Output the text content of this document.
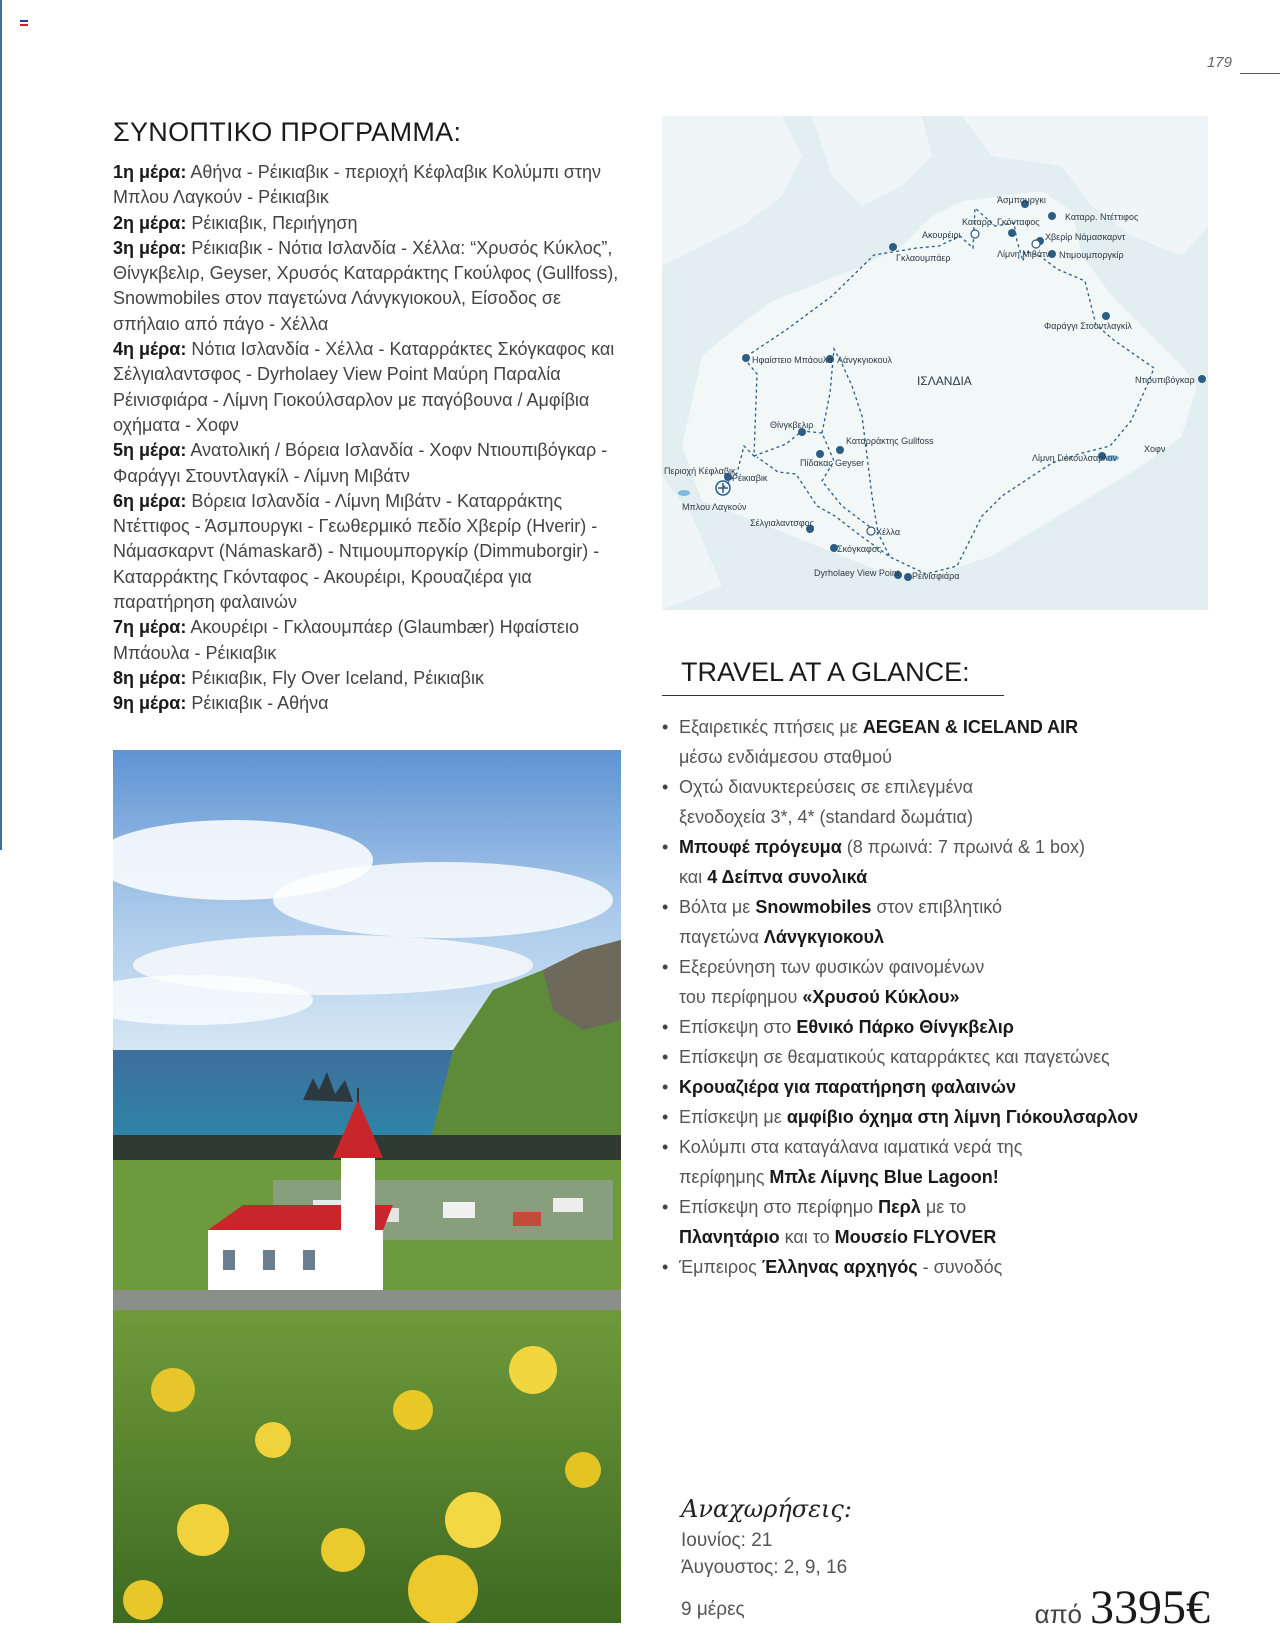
179
ΣΥΝΟΠΤΙΚΟ ΠΡΟΓΡΑΜΜΑ:
1η μέρα: Αθήνα - Ρέικιαβικ - περιοχή Κέφλαβικ Κολύμπι στην Μπλου Λαγκούν - Ρέικιαβικ
2η μέρα: Ρέικιαβικ, Περιήγηση
3η μέρα: Ρέικιαβικ - Νότια Ισλανδία - Χέλλα: “Χρυσός Κύκλος”, Θίνγκβελιρ, Geyser, Χρυσός Καταρράκτης Γκούλφος (Gullfoss), Snowmobiles στον παγετώνα Λάνγκγιοκουλ, Είσοδος σε σπήλαιο από πάγο - Χέλλα
4η μέρα: Νότια Ισλανδία - Χέλλα - Καταρράκτες Σκόγκαφος και Σέλγιαλαντσφος - Dyrholaey View Point Μαύρη Παραλία Ρέινισφιάρα - Λίμνη Γιοκούλσαρλον με παγόβουνα / Αμφίβια οχήματα - Χοφν
5η μέρα: Ανατολική / Βόρεια Ισλανδία - Χοφν Ντιουπιβόγκαρ - Φαράγγι Στουντλαγκίλ - Λίμνη Μιβάτν
6η μέρα: Βόρεια Ισλανδία - Λίμνη Μιβάτν - Καταρράκτης Ντέττιφος - Άσμπουργκι - Γεωθερμικό πεδίο Χβερίρ (Hverir) - Νάμασκαρντ (Námaskarð) - Ντιμουμποργκίρ (Dimmuborgir) - Καταρράκτης Γκόνταφος - Ακουρέιρι, Κρουαζιέρα για παρατήρηση φαλαινών
7η μέρα: Ακουρέιρι - Γκλαουμπάερ (Glaumbær) Ηφαίστειο Μπάουλα - Ρέικιαβικ
8η μέρα: Ρέικιαβικ, Fly Over Iceland, Ρέικιαβικ
9η μέρα: Ρέικιαβικ - Αθήνα
Άσμπουργκι
Καταρρ. Γκόνταφος	Καταρρ. Ντέττιφος
Ακουρέιρι	Χβερίρ Νάμασκαρντ
Λίμνη Μιβάτν Ντιμουμποργκίρ
Γκλαουμπάερ
Φαράγγι Στουντλαγκίλ
Ηφαίστειο Μπάουλα Λάνγκγιοκουλ
Ντιουπιβόγκαρ
ΙΣΛΑΝΔΙΑ
Θίνγκβελιρ
Καταρράκτης Gullfoss
Πίδακας Geyser	Λίμνη Γιόκουλσαρλον
Χοφν
Περιοχή Κέφλαβικ
Ρέικιαβικ
Μπλου Λαγκούν
Σέλγιαλαντσφος
Χέλλα
Σκόγκαφος
Dyrholaey View Point Ρέινισφιάρα
TRAVEL AT A GLANCE:
• Εξαιρετικές πτήσεις με AEGEAN & ICELAND AIR
μέσω ενδιάμεσου σταθμού
• Οχτώ διανυκτερεύσεις σε επιλεγμένα
ξενοδοχεία 3*, 4* (standard δωμάτια)
• Μπουφέ πρόγευμα (8 πρωινά: 7 πρωινά & 1 box)
και 4 Δείπνα συνολικά
• Βόλτα με Snowmobiles στον επιβλητικό
παγετώνα Λάνγκγιοκουλ
• Εξερεύνηση των φυσικών φαινομένων
του περίφημου «Χρυσού Κύκλου»
• Επίσκεψη στο Εθνικό Πάρκο Θίνγκβελιρ
• Επίσκεψη σε θεαματικούς καταρράκτες και παγετώνες
• Κρουαζιέρα για παρατήρηση φαλαινών
• Επίσκεψη με αμφίβιο όχημα στη λίμνη Γιόκουλσαρλον
• Κολύμπι στα καταγάλανα ιαματικά νερά της
περίφημης Μπλε Λίμνης Blue Lagoon!
• Επίσκεψη στο περίφημο Περλ με το
Πλανητάριο και το Μουσείο FLYOVER
• Έμπειρος Έλληνας αρχηγός - συνοδός
Αναχωρήσεις:
Ιουνίος: 21
Άυγουστος: 2, 9, 16
9 μέρες	από 3395€
